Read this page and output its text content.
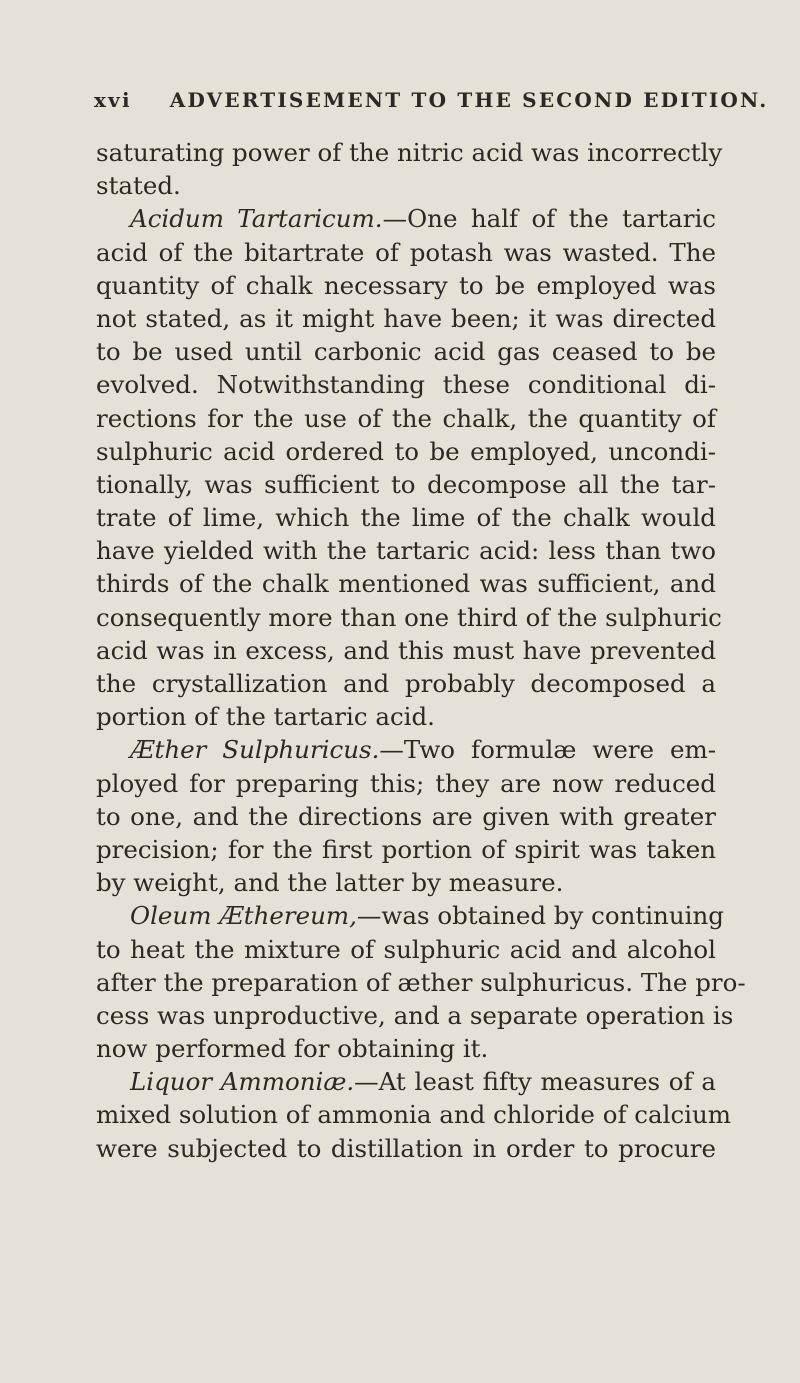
xvi ADVERTISEMENT TO THE SECOND EDITION.
saturating power of the nitric acid was incorrectly
stated.
Acidum Tartaricum.—One half of the tartaric
acid of the bitartrate of potash was wasted. The
quantity of chalk necessary to be employed was
not stated, as it might have been; it was directed
to be used until carbonic acid gas ceased to be
evolved. Notwithstanding these conditional di-
rections for the use of the chalk, the quantity of
sulphuric acid ordered to be employed, uncondi-
tionally, was sufficient to decompose all the tar-
trate of lime, which the lime of the chalk would
have yielded with the tartaric acid: less than two
thirds of the chalk mentioned was sufficient, and
consequently more than one third of the sulphuric
acid was in excess, and this must have prevented
the crystallization and probably decomposed a
portion of the tartaric acid.
Æther Sulphuricus.—Two formulæ were em-
ployed for preparing this; they are now reduced
to one, and the directions are given with greater
precision; for the first portion of spirit was taken
by weight, and the latter by measure.
Oleum Æthereum,—was obtained by continuing
to heat the mixture of sulphuric acid and alcohol
after the preparation of æther sulphuricus. The pro-
cess was unproductive, and a separate operation is
now performed for obtaining it.
Liquor Ammoniæ.—At least fifty measures of a
mixed solution of ammonia and chloride of calcium
were subjected to distillation in order to procure
